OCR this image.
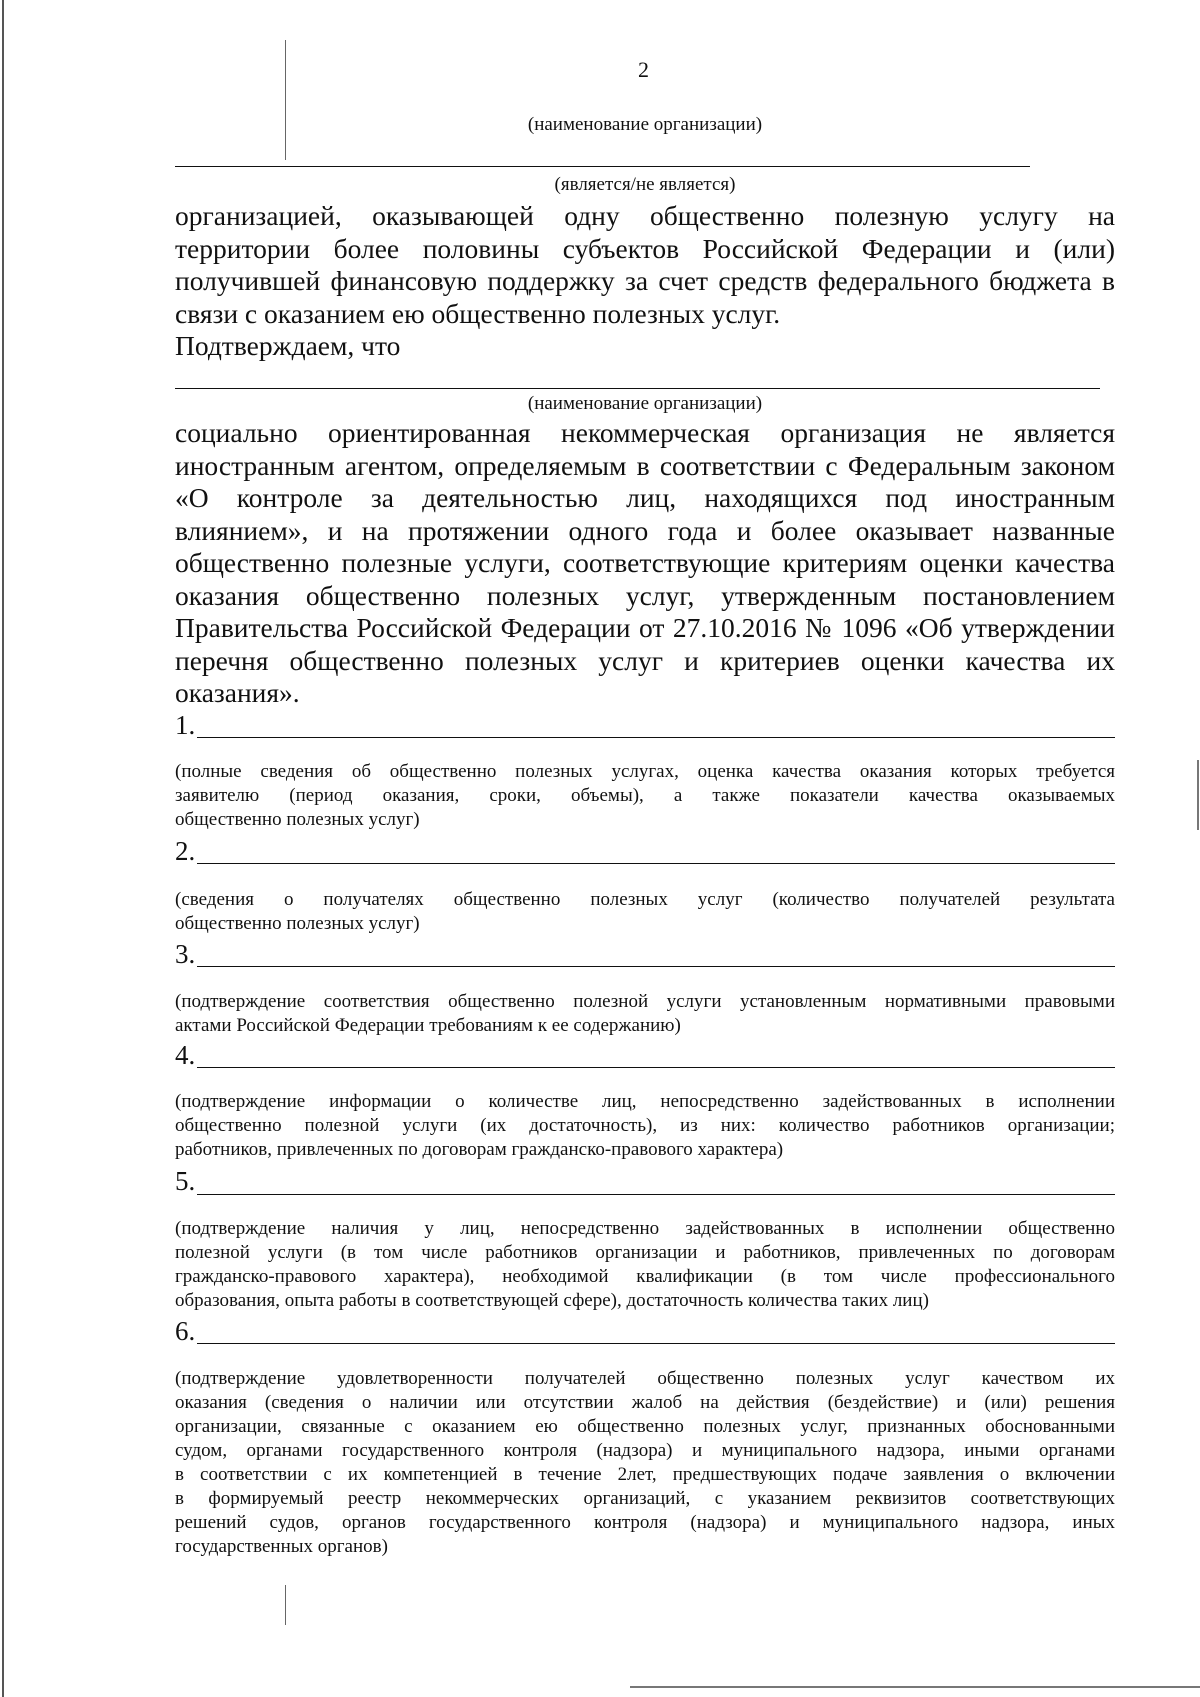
2
(наименование организации)
(является/не является)
организацией, оказывающей одну общественно полезную услугу на
территории более половины субъектов Российской Федерации и (или)
получившей финансовую поддержку за счет средств федерального бюджета в
связи с оказанием ею общественно полезных услуг.
Подтверждаем, что
(наименование организации)
социально ориентированная некоммерческая организация не является
иностранным агентом, определяемым в соответствии с Федеральным законом
«О контроле за деятельностью лиц, находящихся под иностранным
влиянием», и на протяжении одного года и более оказывает названные
общественно полезные услуги, соответствующие критериям оценки качества
оказания общественно полезных услуг, утвержденным постановлением
Правительства Российской Федерации от 27.10.2016 № 1096 «Об утверждении
перечня общественно полезных услуг и критериев оценки качества их
оказания».
1.
(полные сведения об общественно полезных услугах, оценка качества оказания которых требуется
заявителю (период оказания, сроки, объемы), а также показатели качества оказываемых
общественно полезных услуг)
2.
(сведения о получателях общественно полезных услуг (количество получателей результата
общественно полезных услуг)
3.
(подтверждение соответствия общественно полезной услуги установленным нормативными правовыми
актами Российской Федерации требованиям к ее содержанию)
4.
(подтверждение информации о количестве лиц, непосредственно задействованных в исполнении
общественно полезной услуги (их достаточность), из них: количество работников организации;
работников, привлеченных по договорам гражданско-правового характера)
5.
(подтверждение наличия у лиц, непосредственно задействованных в исполнении общественно
полезной услуги (в том числе работников организации и работников, привлеченных по договорам
гражданско-правового характера), необходимой квалификации (в том числе профессионального
образования, опыта работы в соответствующей сфере), достаточность количества таких лиц)
6.
(подтверждение удовлетворенности получателей общественно полезных услуг качеством их
оказания (сведения о наличии или отсутствии жалоб на действия (бездействие) и (или) решения
организации, связанные с оказанием ею общественно полезных услуг, признанных обоснованными
судом, органами государственного контроля (надзора) и муниципального надзора, иными органами
в соответствии с их компетенцией в течение 2лет, предшествующих подаче заявления о включении
в формируемый реестр некоммерческих организаций, с указанием реквизитов соответствующих
решений судов, органов государственного контроля (надзора) и муниципального надзора, иных
государственных органов)
